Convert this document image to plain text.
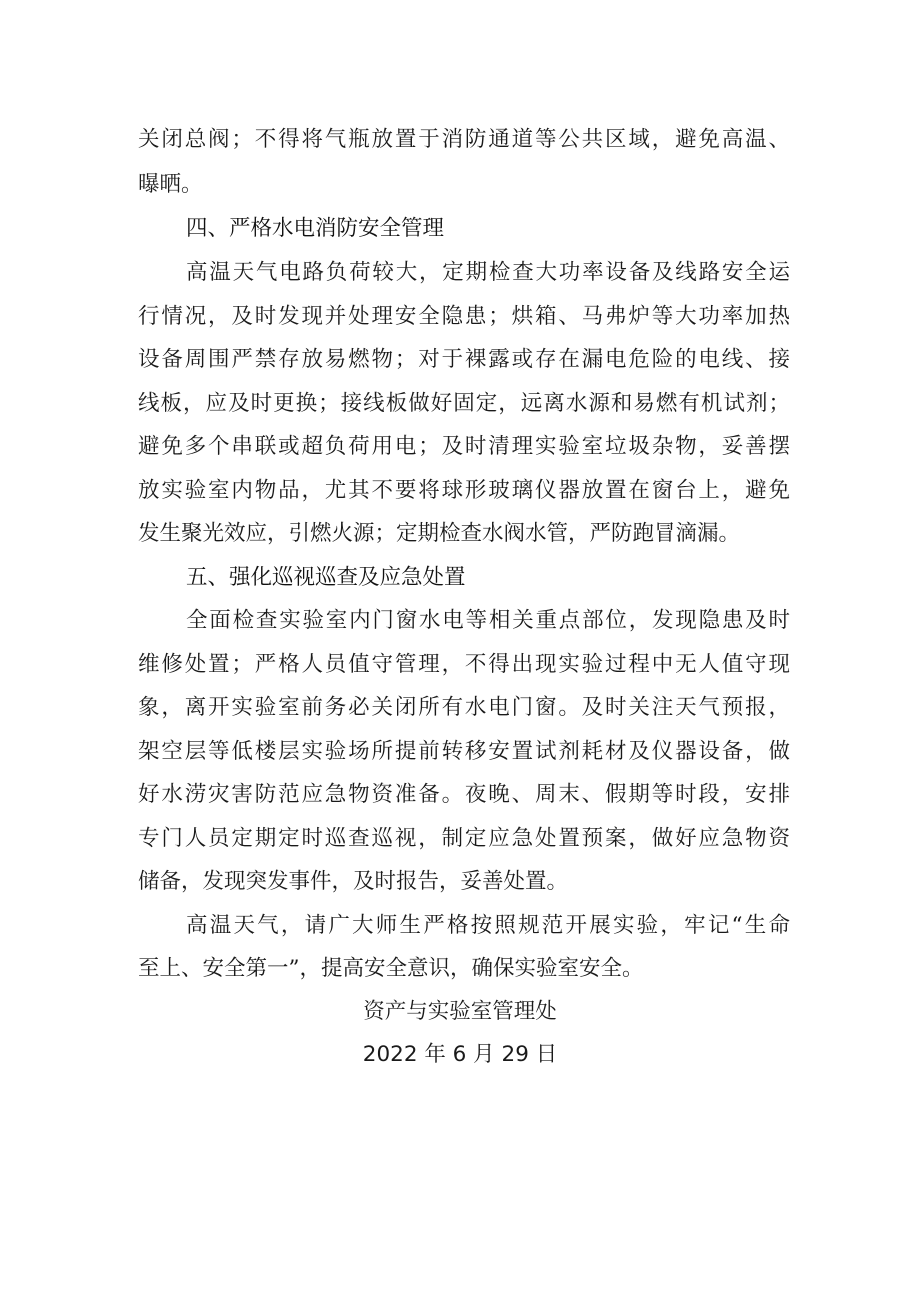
关闭总阀；不得将气瓶放置于消防通道等公共区域，避免高温、
曝晒。
四、严格水电消防安全管理
高温天气电路负荷较大，定期检查大功率设备及线路安全运
行情况，及时发现并处理安全隐患；烘箱、马弗炉等大功率加热
设备周围严禁存放易燃物；对于裸露或存在漏电危险的电线、接
线板，应及时更换；接线板做好固定，远离水源和易燃有机试剂；
避免多个串联或超负荷用电；及时清理实验室垃圾杂物，妥善摆
放实验室内物品，尤其不要将球形玻璃仪器放置在窗台上，避免
发生聚光效应，引燃火源；定期检查水阀水管，严防跑冒滴漏。
五、强化巡视巡查及应急处置
全面检查实验室内门窗水电等相关重点部位，发现隐患及时
维修处置；严格人员值守管理，不得出现实验过程中无人值守现
象，离开实验室前务必关闭所有水电门窗。及时关注天气预报，
架空层等低楼层实验场所提前转移安置试剂耗材及仪器设备，做
好水涝灾害防范应急物资准备。夜晚、周末、假期等时段，安排
专门人员定期定时巡查巡视，制定应急处置预案，做好应急物资
储备，发现突发事件，及时报告，妥善处置。
高温天气，请广大师生严格按照规范开展实验，牢记“生命
至上、安全第一”，提高安全意识，确保实验室安全。
资产与实验室管理处
2022 年 6 月 29 日
